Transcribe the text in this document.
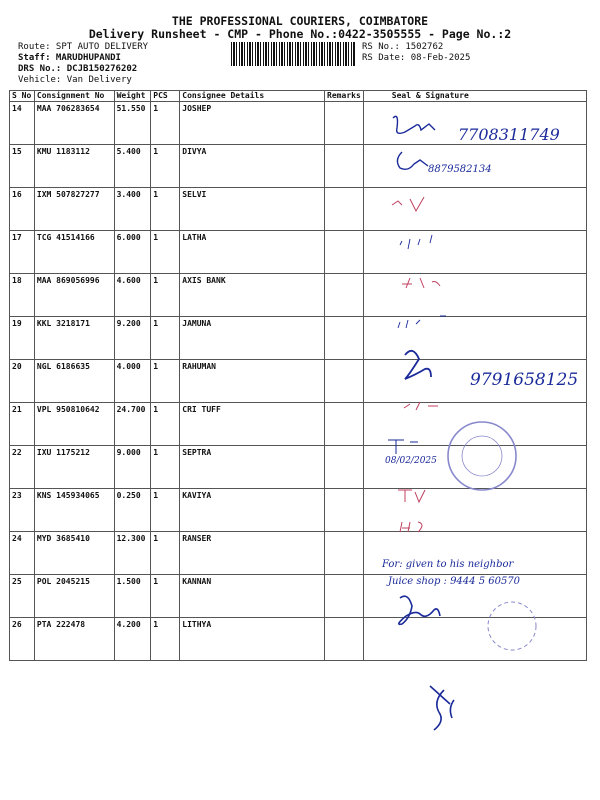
THE PROFESSIONAL COURIERS, COIMBATORE
Delivery Runsheet - CMP - Phone No.:0422-3505555 - Page No.:2
Route: SPT AUTO DELIVERY
Staff: MARUDHUPANDI
DRS No.: DCJB150276202
Vehicle: Van Delivery
RS No.: 1502762
RS Date: 08-Feb-2025
S No	Consignment No	Weight	PCS	Consignee Details	Remarks	Seal & Signature
14	MAA 706283654	51.550	1	JOSHEP		
15	KMU 1183112	5.400	1	DIVYA		
16	IXM 507827277	3.400	1	SELVI		
17	TCG 41514166	6.000	1	LATHA		
18	MAA 869056996	4.600	1	AXIS BANK		
19	KKL 3218171	9.200	1	JAMUNA		
20	NGL 6186635	4.000	1	RAHUMAN		
21	VPL 950810642	24.700	1	CRI TUFF		
22	IXU 1175212	9.000	1	SEPTRA		
23	KNS 145934065	0.250	1	KAVIYA		
24	MYD 3685410	12.300	1	RANSER		
25	POL 2045215	1.500	1	KANNAN		
26	PTA 222478	4.200	1	LITHYA		
7708311749
9791658125
8879582134
08/02/2025
For: given to his neighbor
Juice shop : 9444 5 60570
